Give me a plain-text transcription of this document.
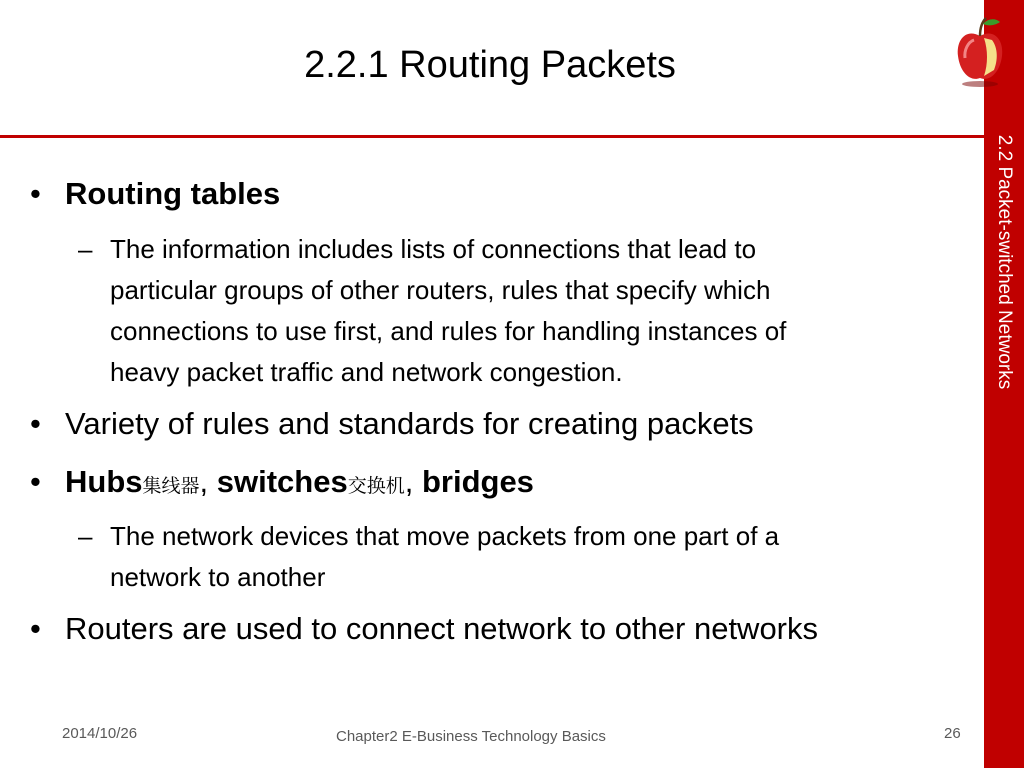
2.2 Packet-switched Networks
2.2.1 Routing Packets
• Routing tables
– The information includes lists of connections that lead to
particular groups of other routers, rules that specify which
connections to use first, and rules for handling instances of
heavy packet traffic and network congestion.
• Variety of rules and standards for creating packets
• Hubs集线器, switches交换机, bridges
– The network devices that move packets from one part of a
network to another
• Routers are used to connect network to other networks
2014/10/26	Chapter2 E-Business Technology Basics	26
